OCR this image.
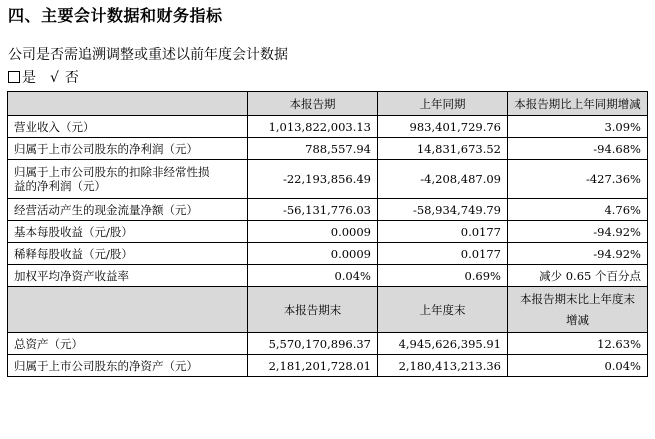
四、主要会计数据和财务指标
公司是否需追溯调整或重述以前年度会计数据
是 √ 否
	本报告期	上年同期	本报告期比上年同期增减
营业收入（元）	1,013,822,003.13	983,401,729.76	3.09%
归属于上市公司股东的净利润（元）	788,557.94	14,831,673.52	-94.68%
归属于上市公司股东的扣除非经常性损
益的净利润（元）	-22,193,856.49	-4,208,487.09	-427.36%
经营活动产生的现金流量净额（元）	-56,131,776.03	-58,934,749.79	4.76%
基本每股收益（元/股）	0.0009	0.0177	-94.92%
稀释每股收益（元/股）	0.0009	0.0177	-94.92%
加权平均净资产收益率	0.04%	0.69%	减少 0.65 个百分点
	本报告期末	上年度末	本报告期末比上年度末
增减

总资产（元）	5,570,170,896.37	4,945,626,395.91	12.63%
归属于上市公司股东的净资产（元）	2,181,201,728.01	2,180,413,213.36	0.04%
